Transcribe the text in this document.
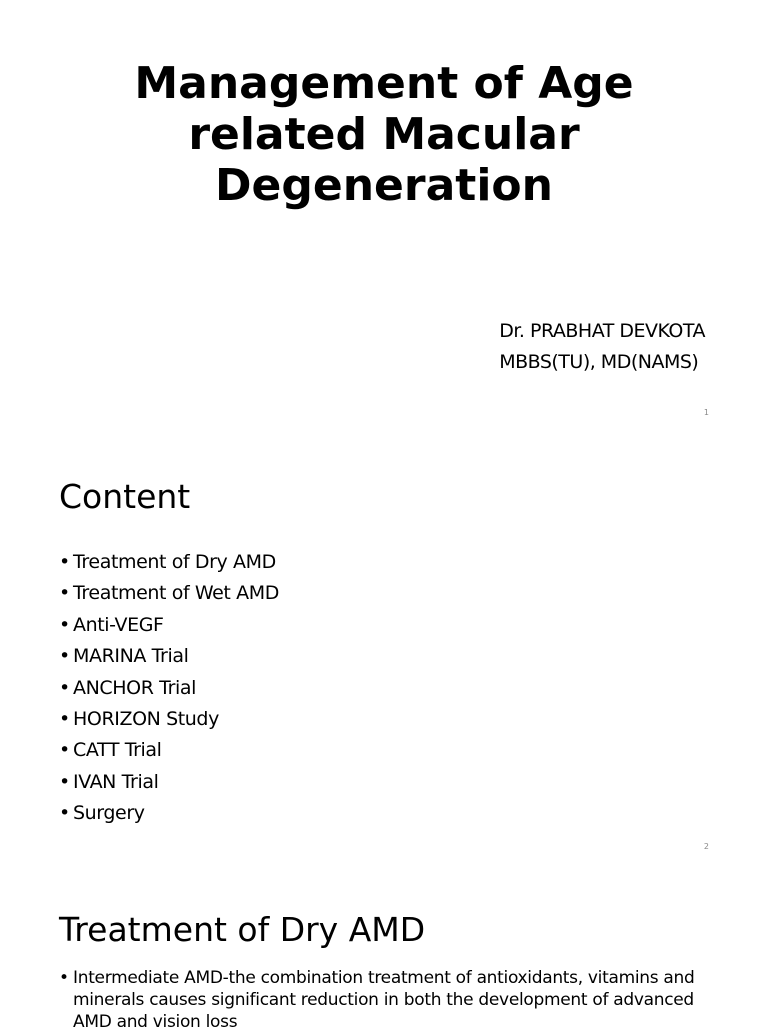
Management of Age related Macular Degeneration
Dr. PRABHAT DEVKOTA
MBBS(TU), MD(NAMS)
1
Content
• Treatment of Dry AMD
• Treatment of Wet AMD
• Anti-VEGF
• MARINA Trial
• ANCHOR Trial
• HORIZON Study
• CATT Trial
• IVAN Trial
• Surgery
2
Treatment of Dry AMD
• Intermediate AMD-the combination treatment of antioxidants, vitamins and minerals causes significant reduction in both the development of advanced AMD and vision loss
